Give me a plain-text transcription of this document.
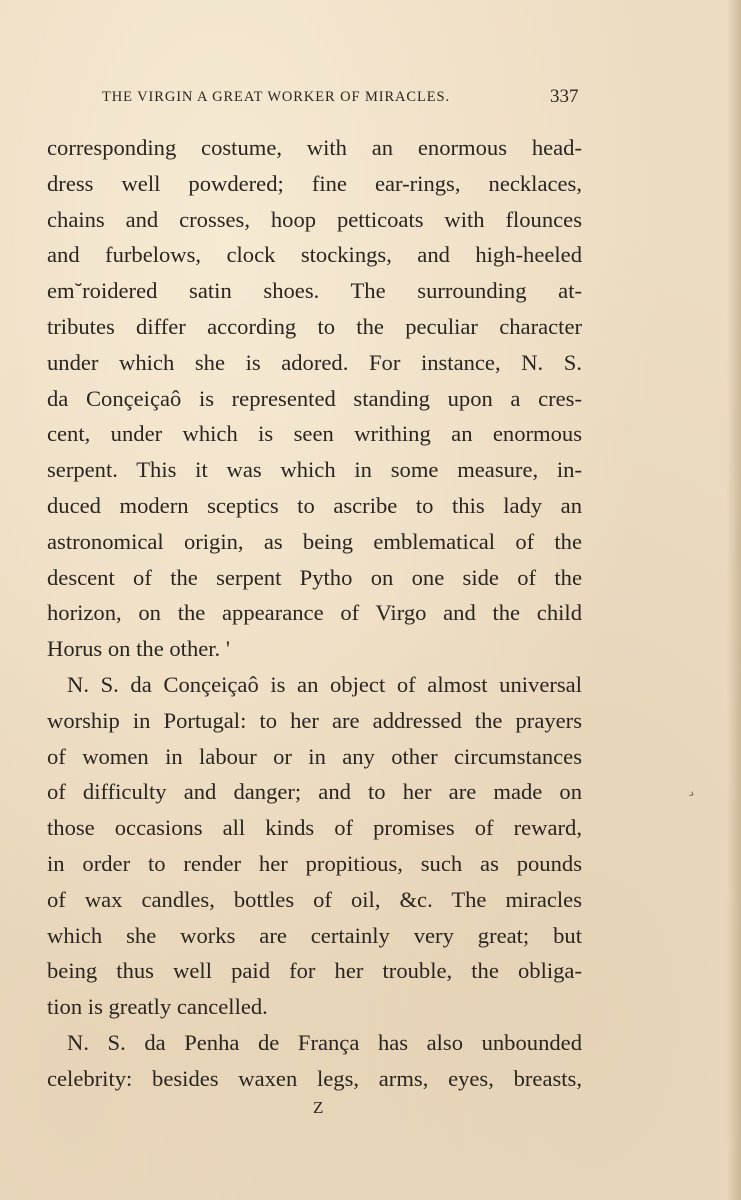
THE VIRGIN A GREAT WORKER OF MIRACLES.	337
corresponding costume, with an enormous head-
dress well powdered; fine ear-rings, necklaces,
chains and crosses, hoop petticoats with flounces
and furbelows, clock stockings, and high-heeled
em˘roidered satin shoes. The surrounding at-
tributes differ according to the peculiar character
under which she is adored. For instance, N. S.
da Conçeiçaô is represented standing upon a cres-
cent, under which is seen writhing an enormous
serpent. This it was which in some measure, in-
duced modern sceptics to ascribe to this lady an
astronomical origin, as being emblematical of the
descent of the serpent Pytho on one side of the
horizon, on the appearance of Virgo and the child
Horus on the other. '
N. S. da Conçeiçaô is an object of almost universal
worship in Portugal: to her are addressed the prayers
of women in labour or in any other circumstances
of difficulty and danger; and to her are made on
those occasions all kinds of promises of reward,
in order to render her propitious, such as pounds
of wax candles, bottles of oil, &c. The miracles
which she works are certainly very great; but
being thus well paid for her trouble, the obliga-
tion is greatly cancelled.
N. S. da Penha de França has also unbounded
celebrity: besides waxen legs, arms, eyes, breasts,
Z
›
